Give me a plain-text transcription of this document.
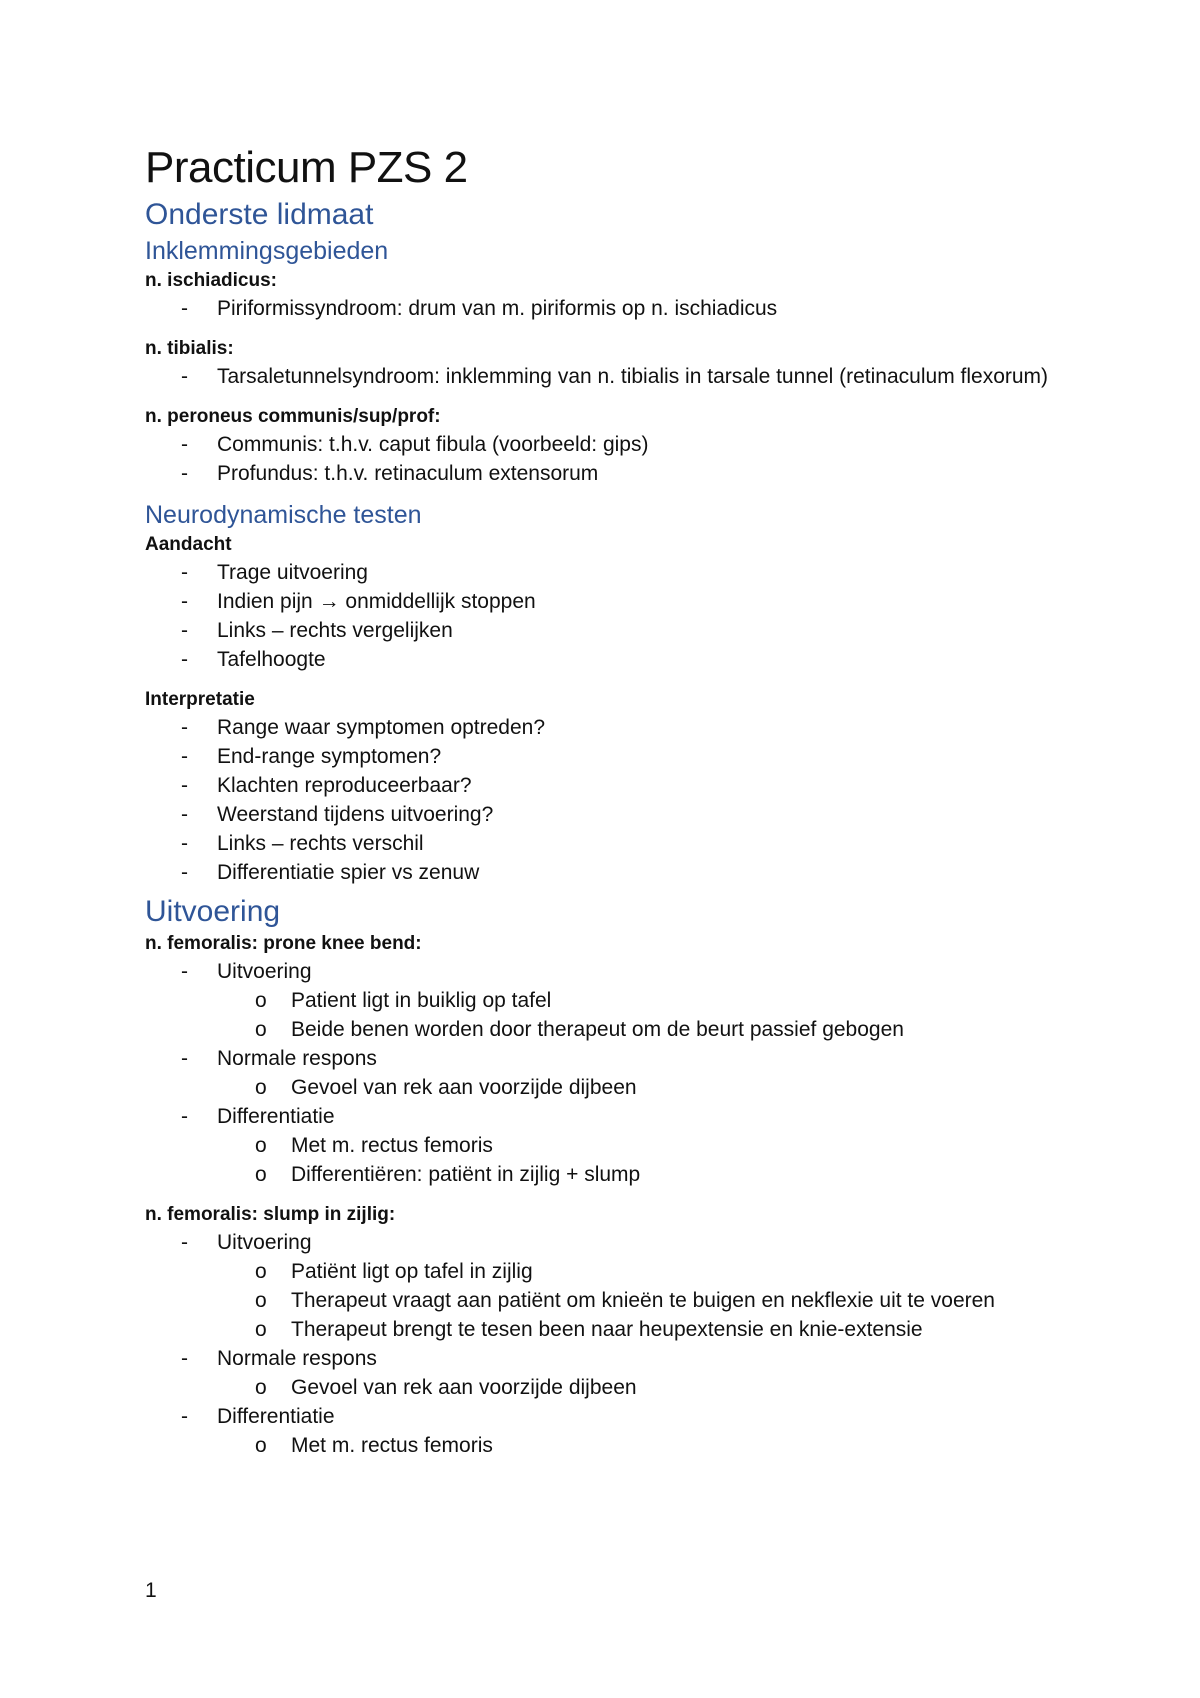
Practicum PZS 2
Onderste lidmaat
Inklemmingsgebieden
n. ischiadicus:
-	Piriformissyndroom: drum van m. piriformis op n. ischiadicus
n. tibialis:
-	Tarsaletunnelsyndroom: inklemming van n. tibialis in tarsale tunnel (retinaculum flexorum)
n. peroneus communis/sup/prof:
-	Communis: t.h.v. caput fibula (voorbeeld: gips)
-	Profundus: t.h.v. retinaculum extensorum
Neurodynamische testen
Aandacht
-	Trage uitvoering
-	Indien pijn → onmiddellijk stoppen
-	Links – rechts vergelijken
-	Tafelhoogte
Interpretatie
-	Range waar symptomen optreden?
-	End-range symptomen?
-	Klachten reproduceerbaar?
-	Weerstand tijdens uitvoering?
-	Links – rechts verschil
-	Differentiatie spier vs zenuw
Uitvoering
n. femoralis: prone knee bend:
-	Uitvoering
o	Patient ligt in buiklig op tafel
o	Beide benen worden door therapeut om de beurt passief gebogen
-	Normale respons
o	Gevoel van rek aan voorzijde dijbeen
-	Differentiatie
o	Met m. rectus femoris
o	Differentiëren: patiënt in zijlig + slump
n. femoralis: slump in zijlig:
-	Uitvoering
o	Patiënt ligt op tafel in zijlig
o	Therapeut vraagt aan patiënt om knieën te buigen en nekflexie uit te voeren
o	Therapeut brengt te tesen been naar heupextensie en knie-extensie
-	Normale respons
o	Gevoel van rek aan voorzijde dijbeen
-	Differentiatie
o	Met m. rectus femoris
1
